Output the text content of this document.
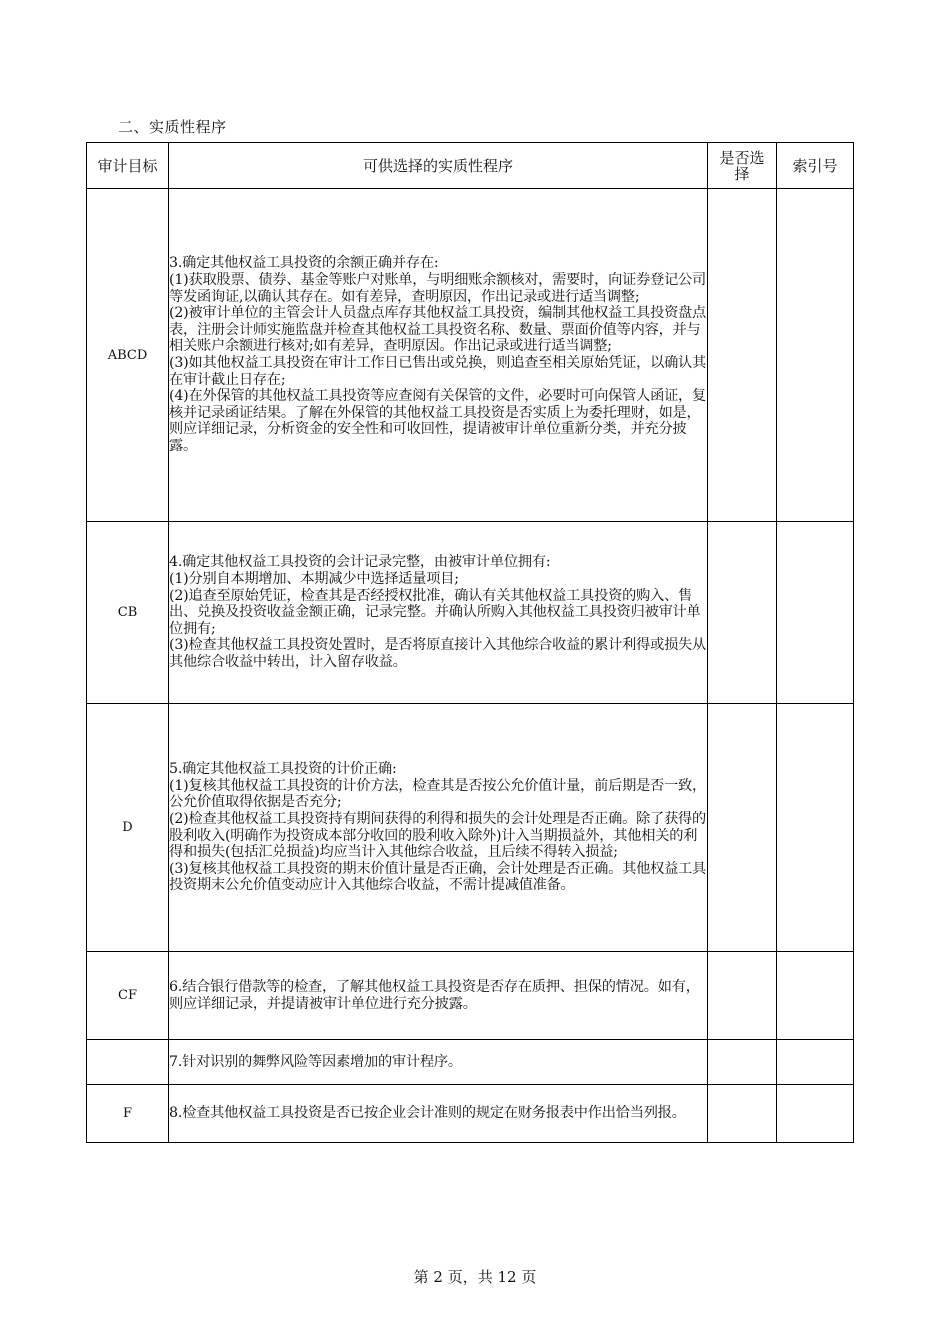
二、实质性程序
审计目标	可供选择的实质性程序	是否选择	索引号
ABCD	3.确定其他权益工具投资的余额正确并存在:
(1)获取股票、债券、基金等账户对账单，与明细账余额核对，需要时，向证券登记公司等发函询证,以确认其存在。如有差异，查明原因，作出记录或进行适当调整;
(2)被审计单位的主管会计人员盘点库存其他权益工具投资，编制其他权益工具投资盘点表，注册会计师实施监盘并检查其他权益工具投资名称、数量、票面价值等内容，并与相关账户余额进行核对;如有差异，查明原因。作出记录或进行适当调整;
(3)如其他权益工具投资在审计工作日已售出或兑换，则追查至相关原始凭证，以确认其在审计截止日存在;
(4)在外保管的其他权益工具投资等应查阅有关保管的文件，必要时可向保管人函证，复核并记录函证结果。了解在外保管的其他权益工具投资是否实质上为委托理财，如是，则应详细记录，分析资金的安全性和可收回性，提请被审计单位重新分类，并充分披露。		

CB	4.确定其他权益工具投资的会计记录完整，由被审计单位拥有:
(1)分别自本期增加、本期减少中选择适量项目;
(2)追查至原始凭证，检查其是否经授权批准，确认有关其他权益工具投资的购入、售出、兑换及投资收益金额正确，记录完整。并确认所购入其他权益工具投资归被审计单位拥有;
(3)检查其他权益工具投资处置时，是否将原直接计入其他综合收益的累计利得或损失从其他综合收益中转出，计入留存收益。		

D	5.确定其他权益工具投资的计价正确:
(1)复核其他权益工具投资的计价方法，检查其是否按公允价值计量，前后期是否一致，公允价值取得依据是否充分;
(2)检查其他权益工具投资持有期间获得的利得和损失的会计处理是否正确。除了获得的股利收入(明确作为投资成本部分收回的股利收入除外)计入当期损益外，其他相关的利得和损失(包括汇兑损益)均应当计入其他综合收益，且后续不得转入损益;
(3)复核其他权益工具投资的期末价值计量是否正确，会计处理是否正确。其他权益工具投资期末公允价值变动应计入其他综合收益，不需计提减值准备。		

CF	6.结合银行借款等的检查，了解其他权益工具投资是否存在质押、担保的情况。如有，则应详细记录，并提请被审计单位进行充分披露。		

	7.针对识别的舞弊风险等因素增加的审计程序。		

F	8.检查其他权益工具投资是否已按企业会计准则的规定在财务报表中作出恰当列报。		

第 2 页，共 12 页
